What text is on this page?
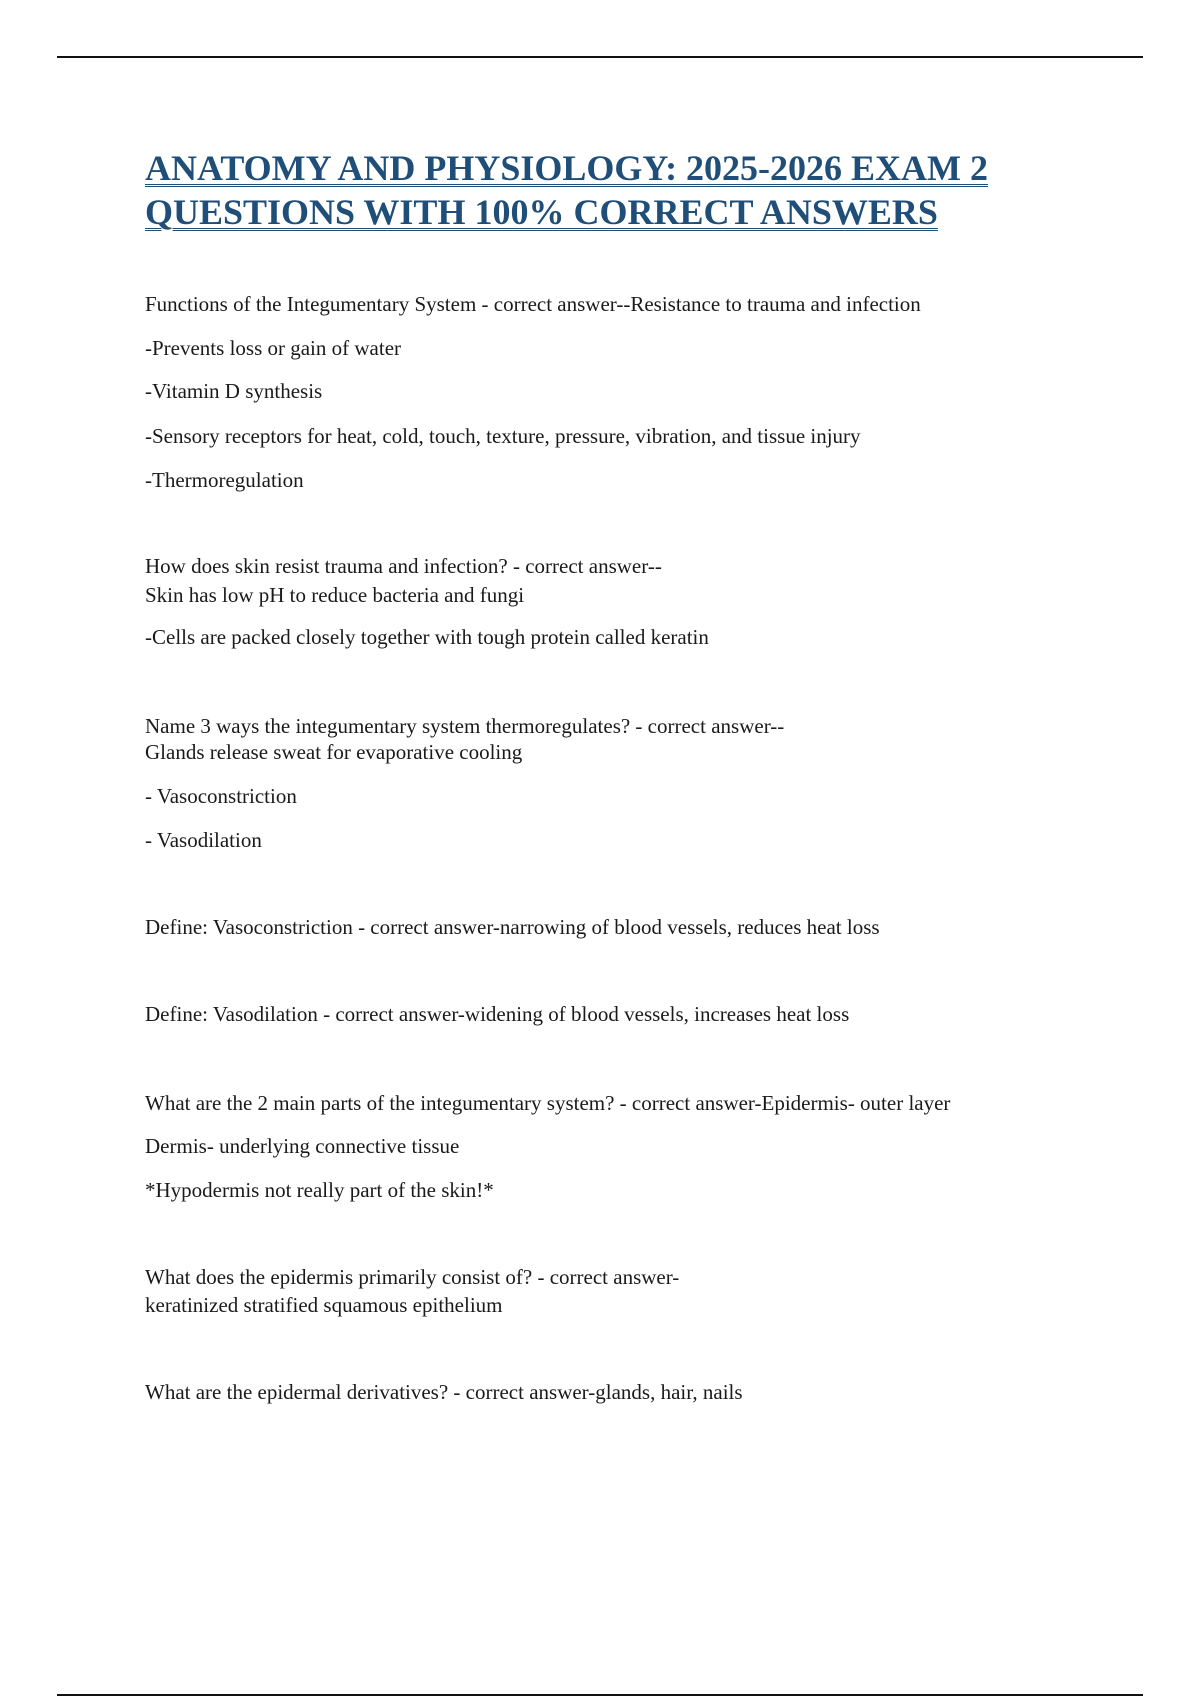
ANATOMY AND PHYSIOLOGY: 2025-2026 EXAM 2
QUESTIONS WITH 100% CORRECT ANSWERS
Functions of the Integumentary System - correct answer--Resistance to trauma and infection
-Prevents loss or gain of water
-Vitamin D synthesis
-Sensory receptors for heat, cold, touch, texture, pressure, vibration, and tissue injury
-Thermoregulation
How does skin resist trauma and infection? - correct answer--
Skin has low pH to reduce bacteria and fungi
-Cells are packed closely together with tough protein called keratin
Name 3 ways the integumentary system thermoregulates? - correct answer--
Glands release sweat for evaporative cooling
- Vasoconstriction
- Vasodilation
Define: Vasoconstriction - correct answer-narrowing of blood vessels, reduces heat loss
Define: Vasodilation - correct answer-widening of blood vessels, increases heat loss
What are the 2 main parts of the integumentary system? - correct answer-Epidermis- outer layer
Dermis- underlying connective tissue
*Hypodermis not really part of the skin!*
What does the epidermis primarily consist of? - correct answer-
keratinized stratified squamous epithelium
What are the epidermal derivatives? - correct answer-glands, hair, nails
